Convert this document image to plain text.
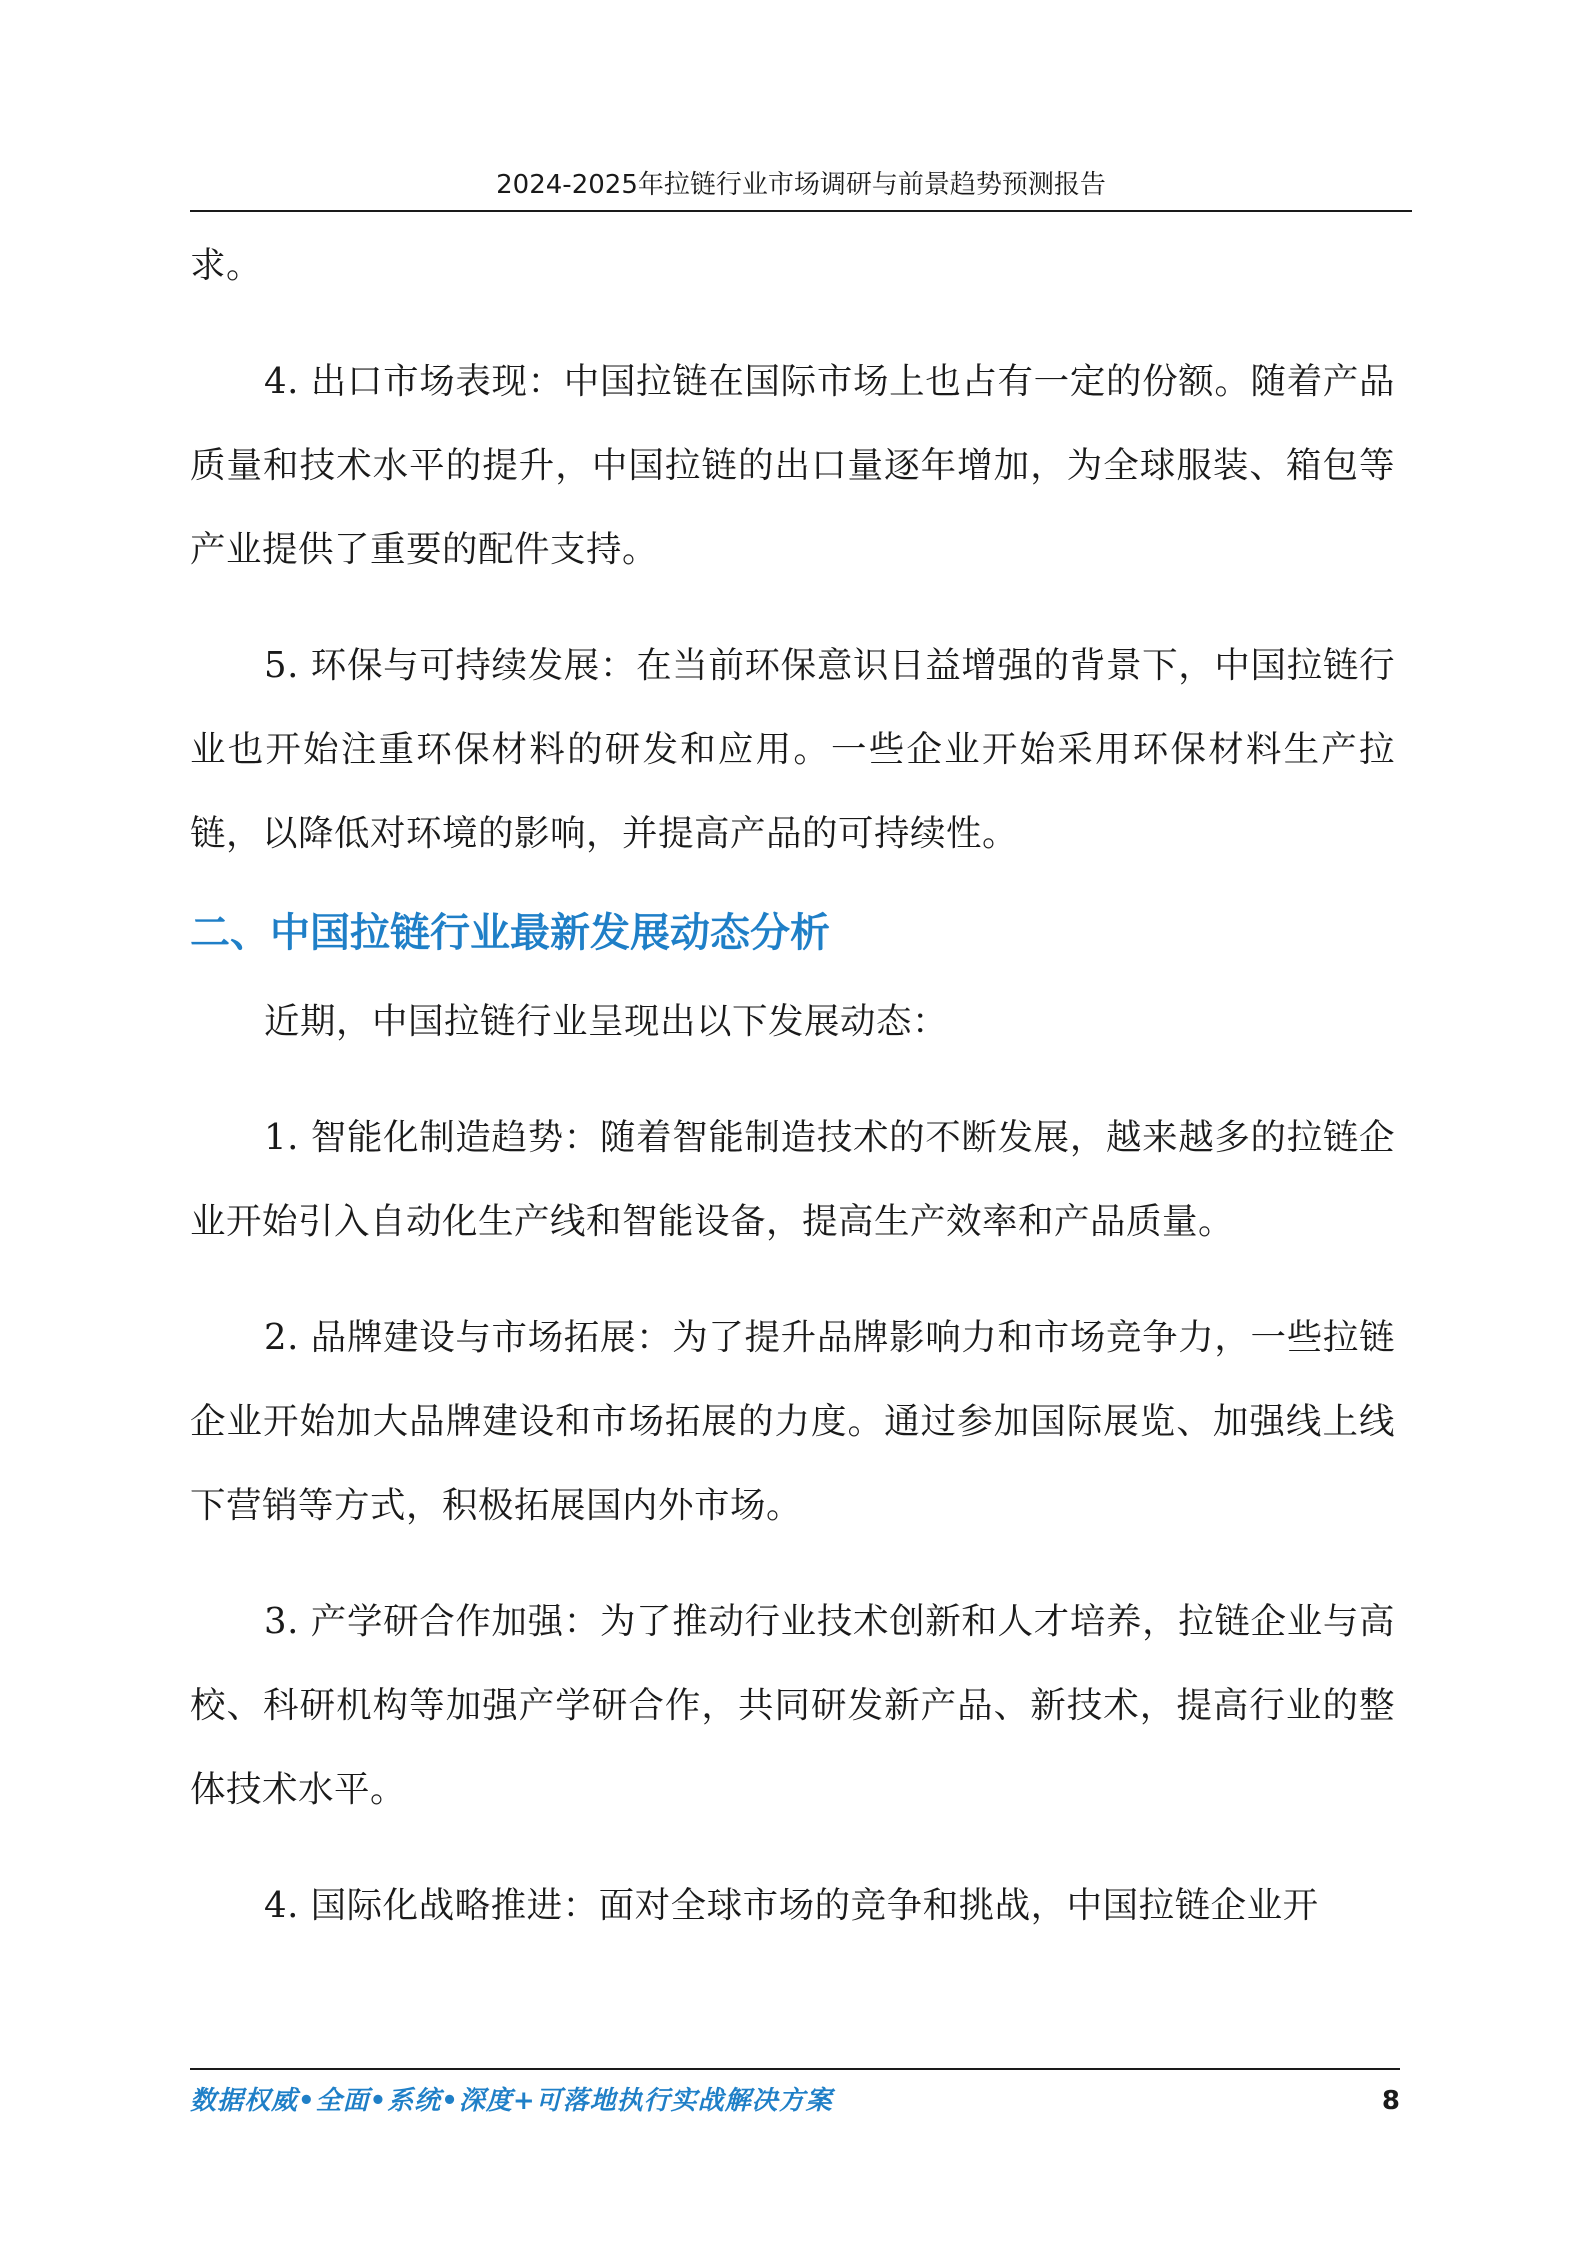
2024-2025年拉链行业市场调研与前景趋势预测报告

求。

4. 出口市场表现：中国拉链在国际市场上也占有一定的份额。随着产品质量和技术水平的提升，中国拉链的出口量逐年增加，为全球服装、箱包等产业提供了重要的配件支持。

5. 环保与可持续发展：在当前环保意识日益增强的背景下，中国拉链行业也开始注重环保材料的研发和应用。一些企业开始采用环保材料生产拉链，以降低对环境的影响，并提高产品的可持续性。

二、中国拉链行业最新发展动态分析

近期，中国拉链行业呈现出以下发展动态：

1. 智能化制造趋势：随着智能制造技术的不断发展，越来越多的拉链企业开始引入自动化生产线和智能设备，提高生产效率和产品质量。

2. 品牌建设与市场拓展：为了提升品牌影响力和市场竞争力，一些拉链企业开始加大品牌建设和市场拓展的力度。通过参加国际展览、加强线上线下营销等方式，积极拓展国内外市场。

3. 产学研合作加强：为了推动行业技术创新和人才培养，拉链企业与高校、科研机构等加强产学研合作，共同研发新产品、新技术，提高行业的整体技术水平。

4. 国际化战略推进：面对全球市场的竞争和挑战，中国拉链企业开

数据权威•全面•系统•深度+可落地执行实战解决方案	8
